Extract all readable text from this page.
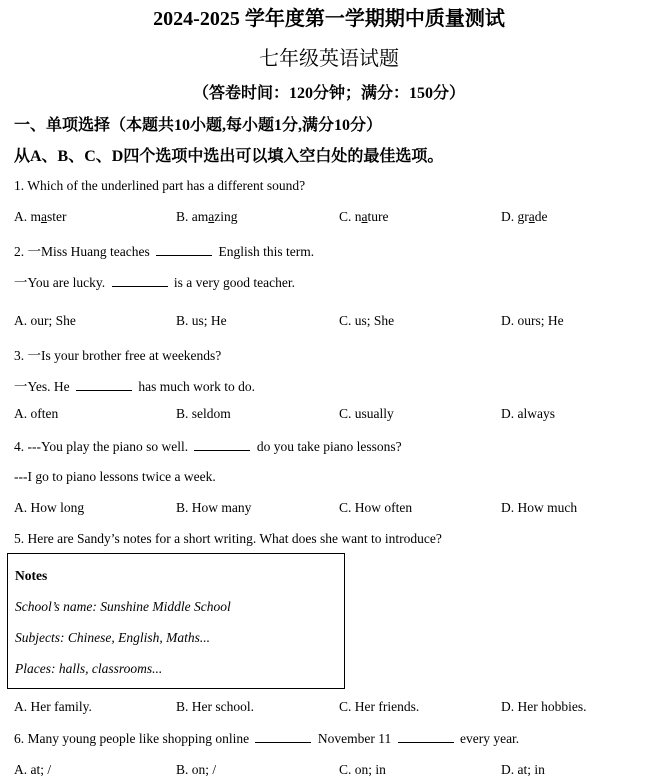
2024-2025 学年度第一学期期中质量测试
七年级英语试题
（答卷时间：120分钟；满分：150分）
一、单项选择（本题共10小题,每小题1分,满分10分）
从A、B、C、D四个选项中选出可以填入空白处的最佳选项。
1. Which of the underlined part has a different sound?
A. master	B. amazing	C. nature	D. grade
2. 一Miss Huang teaches	English this term.
一You are lucky.	is a very good teacher.
A. our; She	B. us; He	C. us; She	D. ours; He
3. 一Is your brother free at weekends?
一Yes. He	has much work to do.
A. often	B. seldom	C. usually	D. always
4. ---You play the piano so well.	do you take piano lessons?
---I go to piano lessons twice a week.
A. How long	B. How many	C. How often	D. How much
5. Here are Sandy’s notes for a short writing. What does she want to introduce?
Notes
School’s name: Sunshine Middle School
Subjects: Chinese, English, Maths...
Places: halls, classrooms...
A. Her family.	B. Her school.	C. Her friends.	D. Her hobbies.
6. Many young people like shopping online	November 11	every year.
A. at; /	B. on; /	C. on; in	D. at; in
